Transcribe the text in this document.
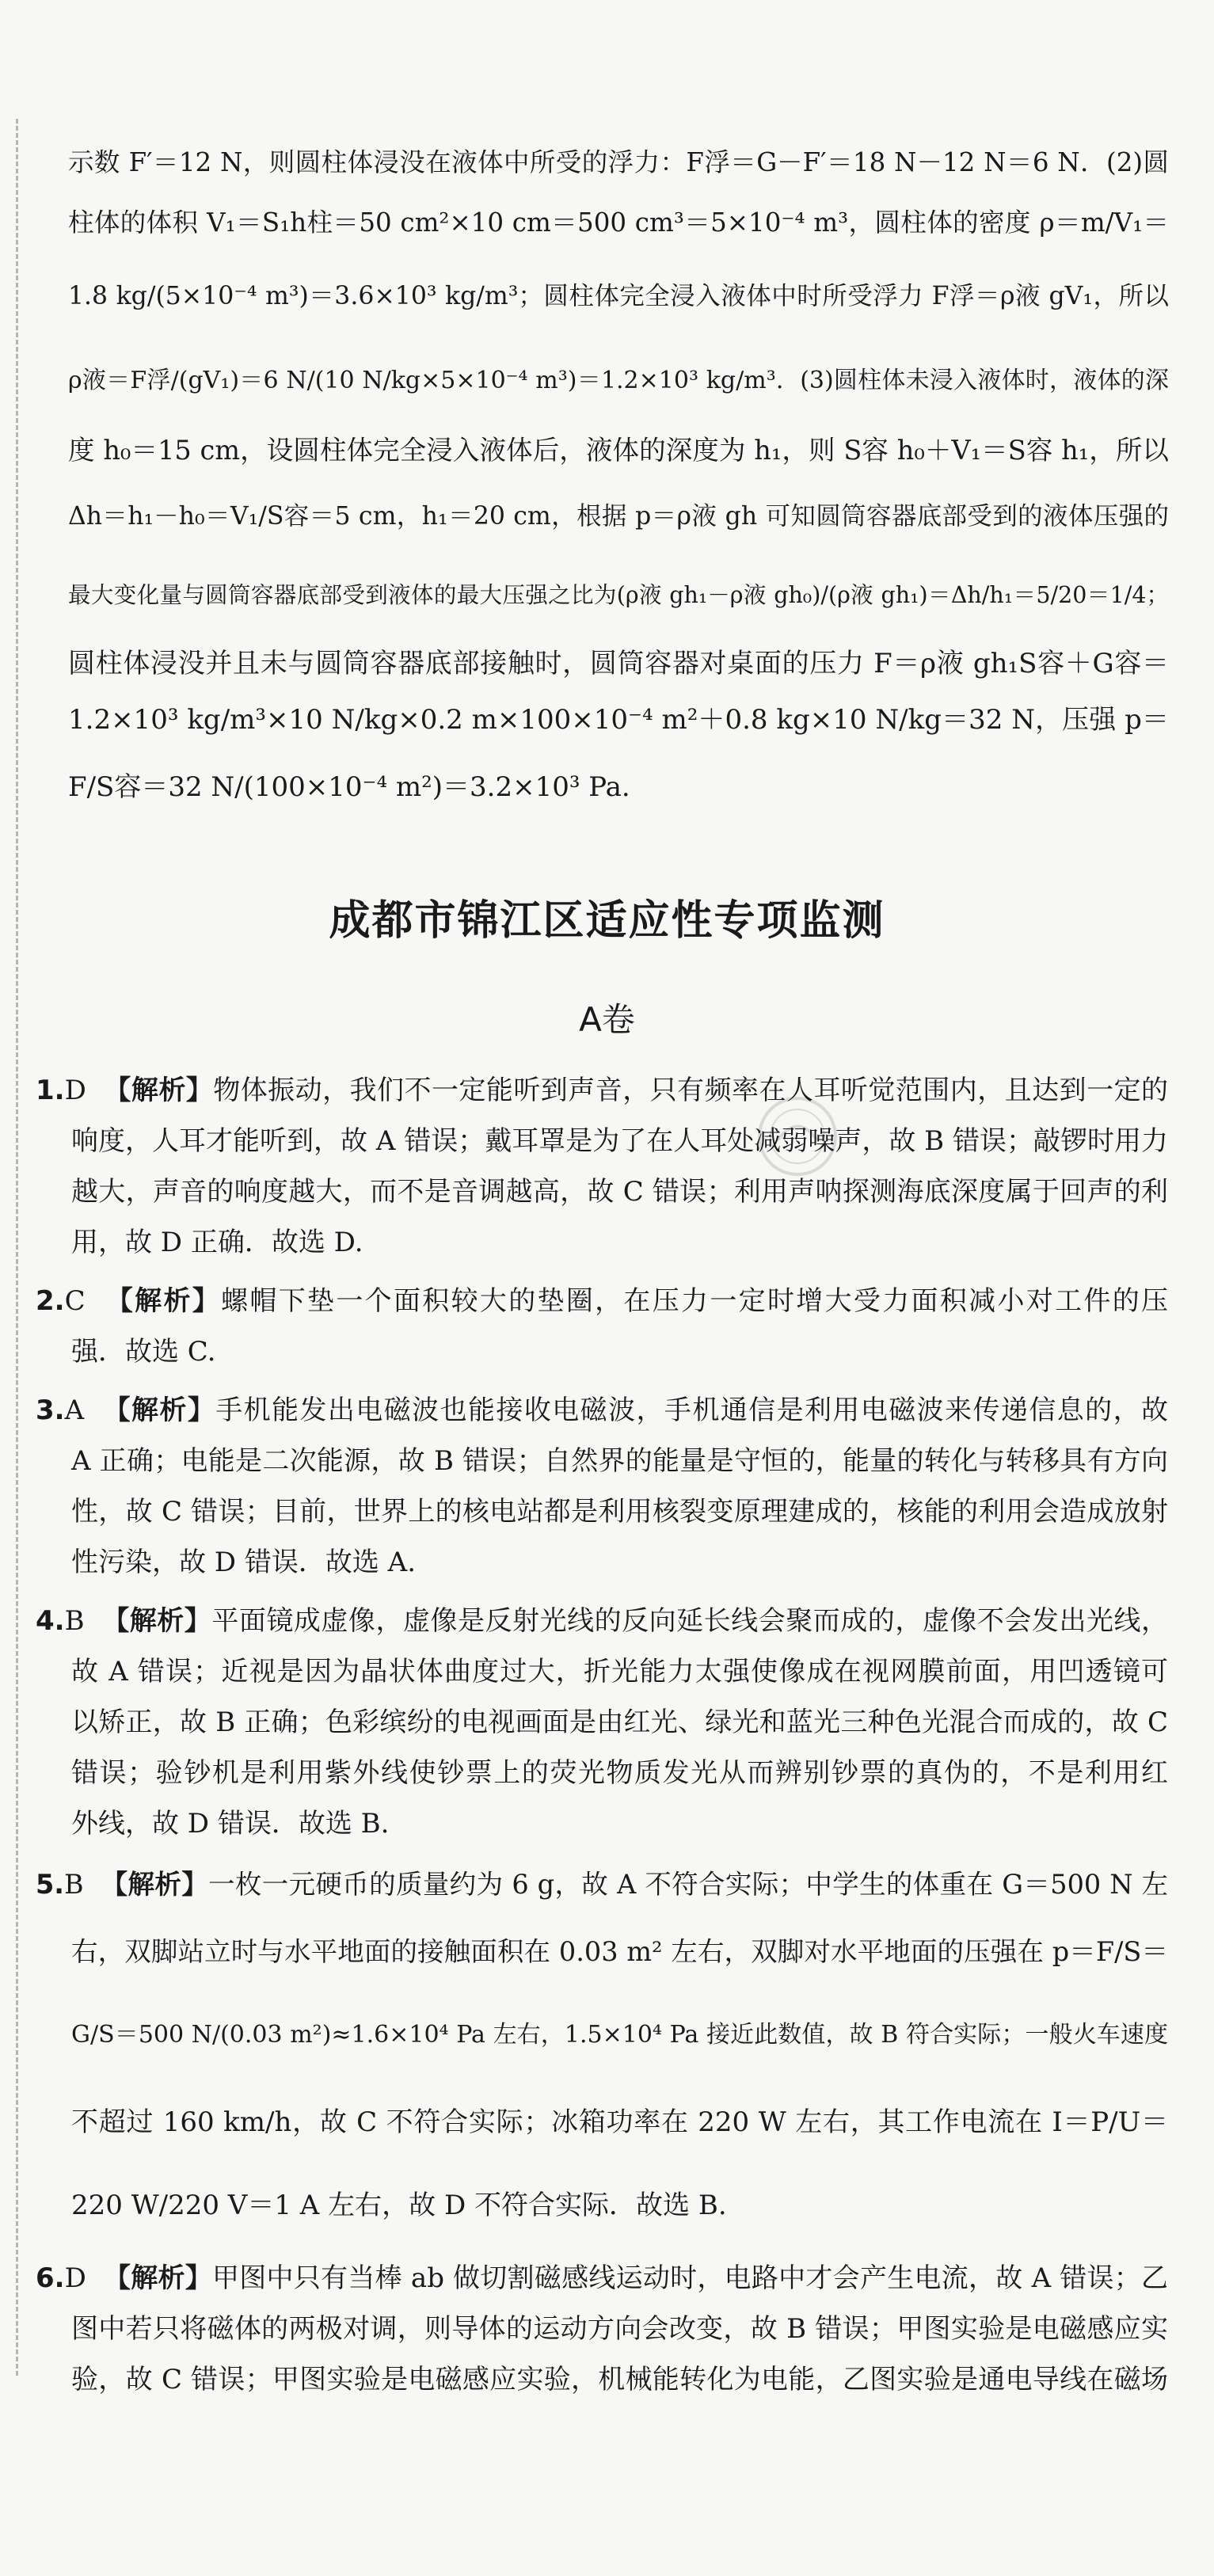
示数 F′＝12 N，则圆柱体浸没在液体中所受的浮力：F浮＝G－F′＝18 N－12 N＝6 N．(2)圆

柱体的体积 V₁＝S₁h柱＝50 cm²×10 cm＝500 cm³＝5×10⁻⁴ m³，圆柱体的密度 ρ＝m/V₁＝

1.8 kg/(5×10⁻⁴ m³)＝3.6×10³ kg/m³；圆柱体完全浸入液体中时所受浮力 F浮＝ρ液 gV₁，所以

ρ液＝F浮/(gV₁)＝6 N/(10 N/kg×5×10⁻⁴ m³)＝1.2×10³ kg/m³．(3)圆柱体未浸入液体时，液体的深

度 h₀＝15 cm，设圆柱体完全浸入液体后，液体的深度为 h₁，则 S容 h₀＋V₁＝S容 h₁，所以

Δh＝h₁－h₀＝V₁/S容＝5 cm，h₁＝20 cm，根据 p＝ρ液 gh 可知圆筒容器底部受到的液体压强的

最大变化量与圆筒容器底部受到液体的最大压强之比为(ρ液 gh₁－ρ液 gh₀)/(ρ液 gh₁)＝Δh/h₁＝5/20＝1/4；

圆柱体浸没并且未与圆筒容器底部接触时，圆筒容器对桌面的压力 F＝ρ液 gh₁S容＋G容＝

1.2×10³ kg/m³×10 N/kg×0.2 m×100×10⁻⁴ m²＋0.8 kg×10 N/kg＝32 N，压强 p＝

F/S容＝32 N/(100×10⁻⁴ m²)＝3.2×10³ Pa.

成都市锦江区适应性专项监测
A卷

1.D 【解析】物体振动，我们不一定能听到声音，只有频率在人耳听觉范围内，且达到一定的

响度，人耳才能听到，故 A 错误；戴耳罩是为了在人耳处减弱噪声，故 B 错误；敲锣时用力

越大，声音的响度越大，而不是音调越高，故 C 错误；利用声呐探测海底深度属于回声的利

用，故 D 正确．故选 D.

2.C 【解析】螺帽下垫一个面积较大的垫圈，在压力一定时增大受力面积减小对工件的压

强．故选 C.

3.A 【解析】手机能发出电磁波也能接收电磁波，手机通信是利用电磁波来传递信息的，故

A 正确；电能是二次能源，故 B 错误；自然界的能量是守恒的，能量的转化与转移具有方向

性，故 C 错误；目前，世界上的核电站都是利用核裂变原理建成的，核能的利用会造成放射

性污染，故 D 错误．故选 A.

4.B 【解析】平面镜成虚像，虚像是反射光线的反向延长线会聚而成的，虚像不会发出光线，

故 A 错误；近视是因为晶状体曲度过大，折光能力太强使像成在视网膜前面，用凹透镜可

以矫正，故 B 正确；色彩缤纷的电视画面是由红光、绿光和蓝光三种色光混合而成的，故 C

错误；验钞机是利用紫外线使钞票上的荧光物质发光从而辨别钞票的真伪的，不是利用红

外线，故 D 错误．故选 B.

5.B 【解析】一枚一元硬币的质量约为 6 g，故 A 不符合实际；中学生的体重在 G＝500 N 左

右，双脚站立时与水平地面的接触面积在 0.03 m² 左右，双脚对水平地面的压强在 p＝F/S＝

G/S＝500 N/(0.03 m²)≈1.6×10⁴ Pa 左右，1.5×10⁴ Pa 接近此数值，故 B 符合实际；一般火车速度

不超过 160 km/h，故 C 不符合实际；冰箱功率在 220 W 左右，其工作电流在 I＝P/U＝

220 W/220 V＝1 A 左右，故 D 不符合实际．故选 B.

6.D 【解析】甲图中只有当棒 ab 做切割磁感线运动时，电路中才会产生电流，故 A 错误；乙

图中若只将磁体的两极对调，则导体的运动方向会改变，故 B 错误；甲图实验是电磁感应实

验，故 C 错误；甲图实验是电磁感应实验，机械能转化为电能，乙图实验是通电导线在磁场
